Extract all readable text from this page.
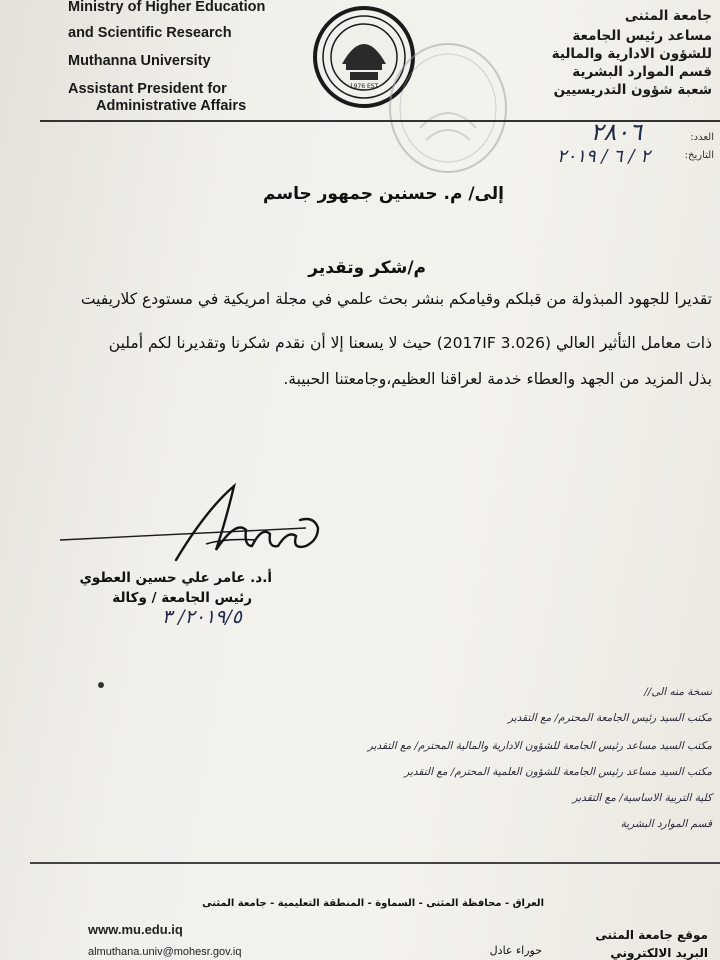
Ministry of Higher Education
and Scientific Research
Muthanna University
Assistant President for
Administrative Affairs
1976 EST
جامعة المثنى
مساعد رئيس الجامعة
للشؤون الادارية والمالية
قسم الموارد البشرية
شعبة شؤون التدريسيين
العدد:
٢٨٠٦
التاريخ:
٢ / ٦ / ٢٠١٩
إلى/ م. حسنين جمهور جاسم
م/شكر وتقدير
تقديرا للجهود المبذولة من قبلكم وقيامكم بنشر بحث علمي في مجلة امريكية في مستودع كلاريفيت
ذات معامل التأثير العالي (2017IF 3.026) حيث لا يسعنا إلا أن نقدم شكرنا وتقديرنا لكم أملين
بذل المزيد من الجهد والعطاء خدمة لعراقنا العظيم،وجامعتنا الحبيبة.
أ.د. عامر علي حسين العطوي
رئيس الجامعة / وكالة
٢٠١٩/٥/ ٣
نسخة منه الى//
مكتب السيد رئيس الجامعة المحترم/ مع التقدير
مكتب السيد مساعد رئيس الجامعة للشؤون الادارية والمالية المحترم/ مع التقدير
مكتب السيد مساعد رئيس الجامعة للشؤون العلمية المحترم/ مع التقدير
كلية التربية الاساسية/ مع التقدير
قسم الموارد البشرية
العراق - محافظة المثنى - السماوة - المنطقة التعليمية - جامعة المثنى
www.mu.edu.iq
almuthana.univ@mohesr.gov.iq
موقع جامعة المثنى
البريد الالكتروني
حوراء عادل
